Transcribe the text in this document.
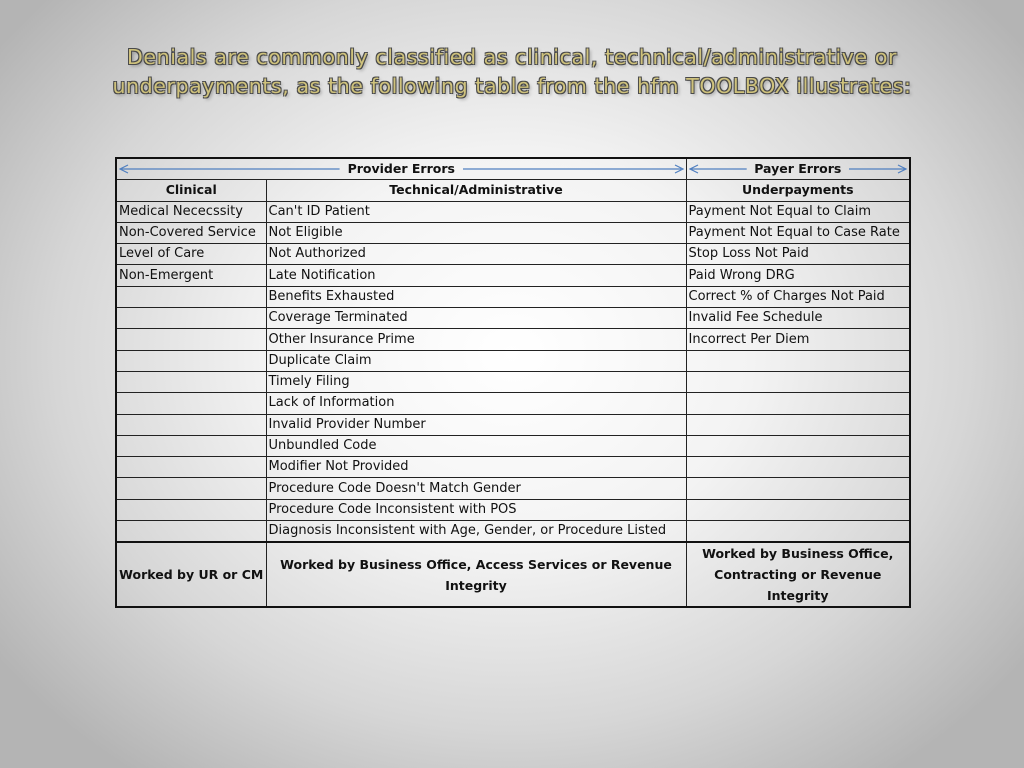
Denials are commonly classified as clinical, technical/administrative or
underpayments, as the following table from the hfm TOOLBOX illustrates:
Provider Errors		Payer Errors

Clinical	Technical/Administrative	Underpayments
Medical Nececssity	Can't ID Patient	Payment Not Equal to Claim
Non-Covered Service	Not Eligible	Payment Not Equal to Case Rate
Level of Care	Not Authorized	Stop Loss Not Paid
Non-Emergent	Late Notification	Paid Wrong DRG
	Benefits Exhausted	Correct % of Charges Not Paid
	Coverage Terminated	Invalid Fee Schedule
	Other Insurance Prime	Incorrect Per Diem
	Duplicate Claim	
	Timely Filing	
	Lack of Information	
	Invalid Provider Number	
	Unbundled Code	
	Modifier Not Provided	
	Procedure Code Doesn't Match Gender	
	Procedure Code Inconsistent with POS	
	Diagnosis Inconsistent with Age, Gender, or Procedure Listed	
Worked by UR or CM	Worked by Business Office, Access Services or Revenue Integrity	Worked by Business Office, Contracting or Revenue Integrity
